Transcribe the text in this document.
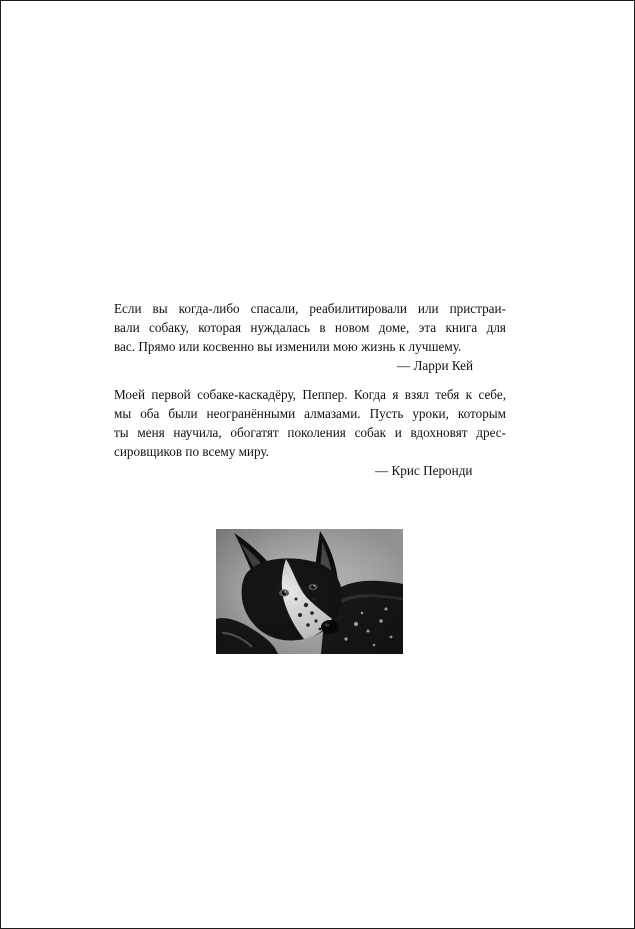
Если вы когда-либо спасали, реабилитировали или пристраи-
вали собаку, которая нуждалась в новом доме, эта книга для
вас. Прямо или косвенно вы изменили мою жизнь к лучшему.
— Ларри Кей
Моей первой собаке-каскадёру, Пеппер. Когда я взял тебя к себе,
мы оба были неогранёнными алмазами. Пусть уроки, которым
ты меня научила, обогатят поколения собак и вдохновят дрес-
сировщиков по всему миру.
— Крис Перонди
